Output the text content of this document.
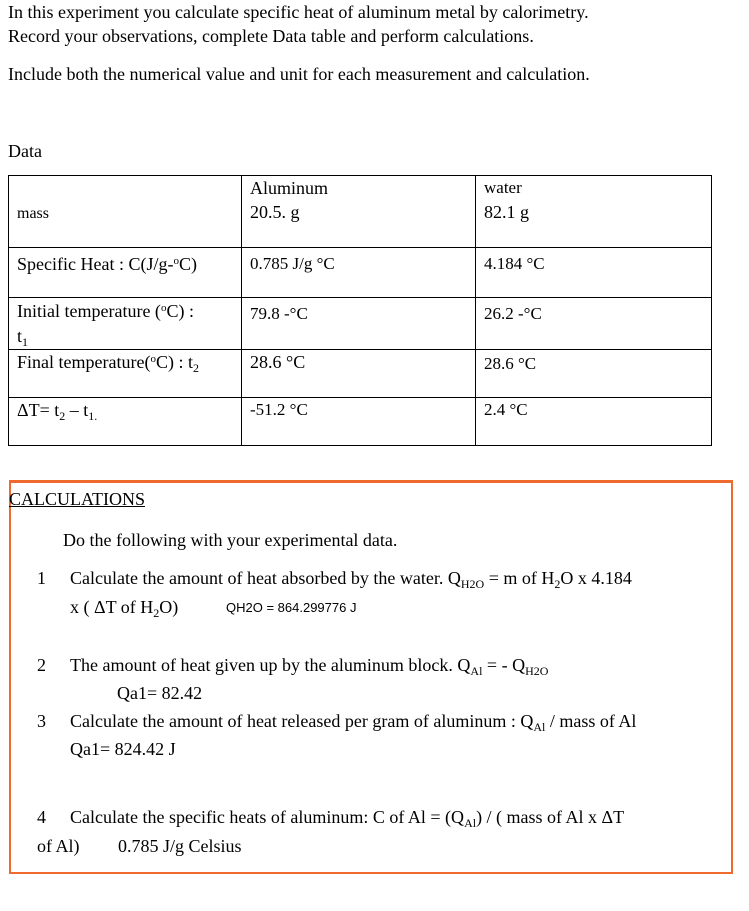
In this experiment you calculate specific heat of aluminum metal by calorimetry.
Record your observations, complete Data table and perform calculations.
Include both the numerical value and unit for each measurement and calculation.
Data
	Aluminum	water
mass	20.5. g	82.1 g
Specific Heat : C(J/g-$^o$C)	0.785 J/g °C	4.184 °C
Initial temperature ($^o$C) :
$t_1$	79.8 -°C	26.2 -°C
Final temperature($^o$C) : $t_2$	28.6 °C	28.6 °C
$\Delta T= t_2 - t_{1.}$	-51.2 °C	2.4 °C
CALCULATIONS
Do the following with your experimental data.
1 Calculate the amount of heat absorbed by the water. $Q_{H2O} = m$ of $H_2O$ x 4.184
x ( ΔT of $H_2O$)	QH2O = 864.299776 J
2 The amount of heat given up by the aluminum block. $Q_{Al}$ = - $Q_{H2O}$
Qa1= 82.42
3 Calculate the amount of heat released per gram of aluminum : $Q_{Al}$ / mass of Al
Qa1= 824.42 J
4 Calculate the specific heats of aluminum: C of $Al = (Q_{Al})$ / ( mass of Al x ΔT
of Al) 0.785 J/g Celsius
